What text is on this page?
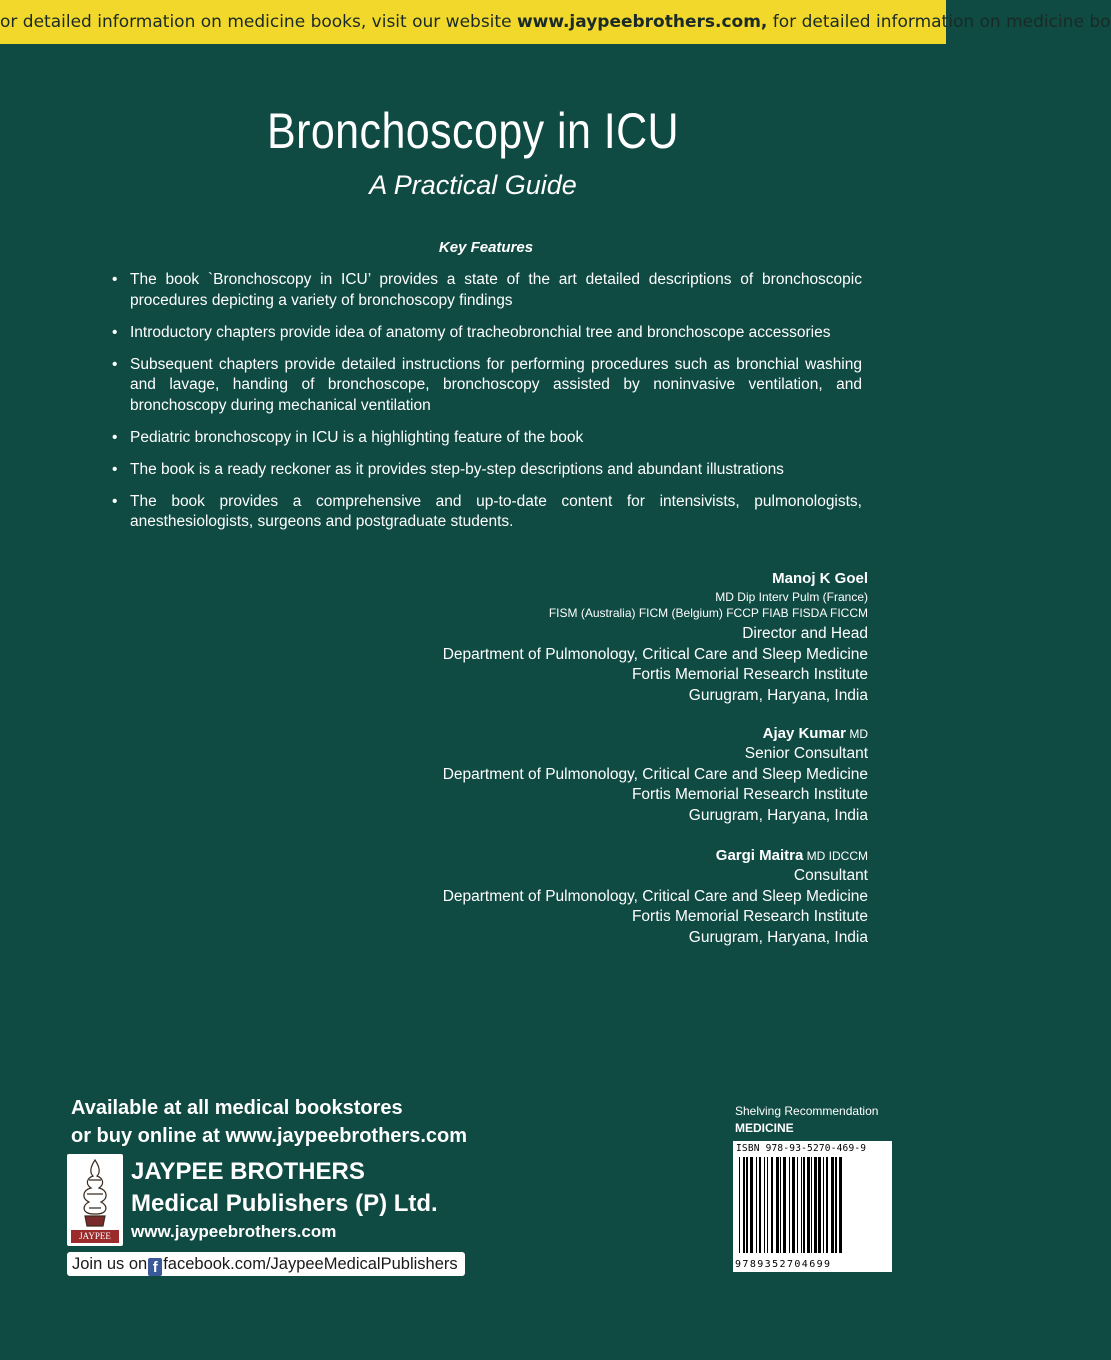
or detailed information on medicine books, visit our website www.jaypeebrothers.com, for detailed information on medicine bo
Bronchoscopy in ICU
A Practical Guide
Key Features
• The book `Bronchoscopy in ICU’ provides a state of the art detailed descriptions of bronchoscopic procedures depicting a variety of bronchoscopy findings
• Introductory chapters provide idea of anatomy of tracheobronchial tree and bronchoscope accessories
• Subsequent chapters provide detailed instructions for performing procedures such as bronchial washing and lavage, handing of bronchoscope, bronchoscopy assisted by noninvasive ventilation, and bronchoscopy during mechanical ventilation
• Pediatric bronchoscopy in ICU is a highlighting feature of the book
• The book is a ready reckoner as it provides step-by-step descriptions and abundant illustrations
• The book provides a comprehensive and up-to-date content for intensivists, pulmonologists, anesthesiologists, surgeons and postgraduate students.
Manoj K Goel
MD Dip Interv Pulm (France)
FISM (Australia) FICM (Belgium) FCCP FIAB FISDA FICCM
Director and Head
Department of Pulmonology, Critical Care and Sleep Medicine
Fortis Memorial Research Institute
Gurugram, Haryana, India
Ajay Kumar MD
Senior Consultant
Department of Pulmonology, Critical Care and Sleep Medicine
Fortis Memorial Research Institute
Gurugram, Haryana, India
Gargi Maitra MD IDCCM
Consultant
Department of Pulmonology, Critical Care and Sleep Medicine
Fortis Memorial Research Institute
Gurugram, Haryana, India
Available at all medical bookstores
or buy online at www.jaypeebrothers.com
JAYPEE
JAYPEE BROTHERS
Medical Publishers (P) Ltd.
www.jaypeebrothers.com
Join us on f facebook.com/JaypeeMedicalPublishers
Shelving Recommendation
MEDICINE
ISBN 978-93-5270-469-9
9789352704699
